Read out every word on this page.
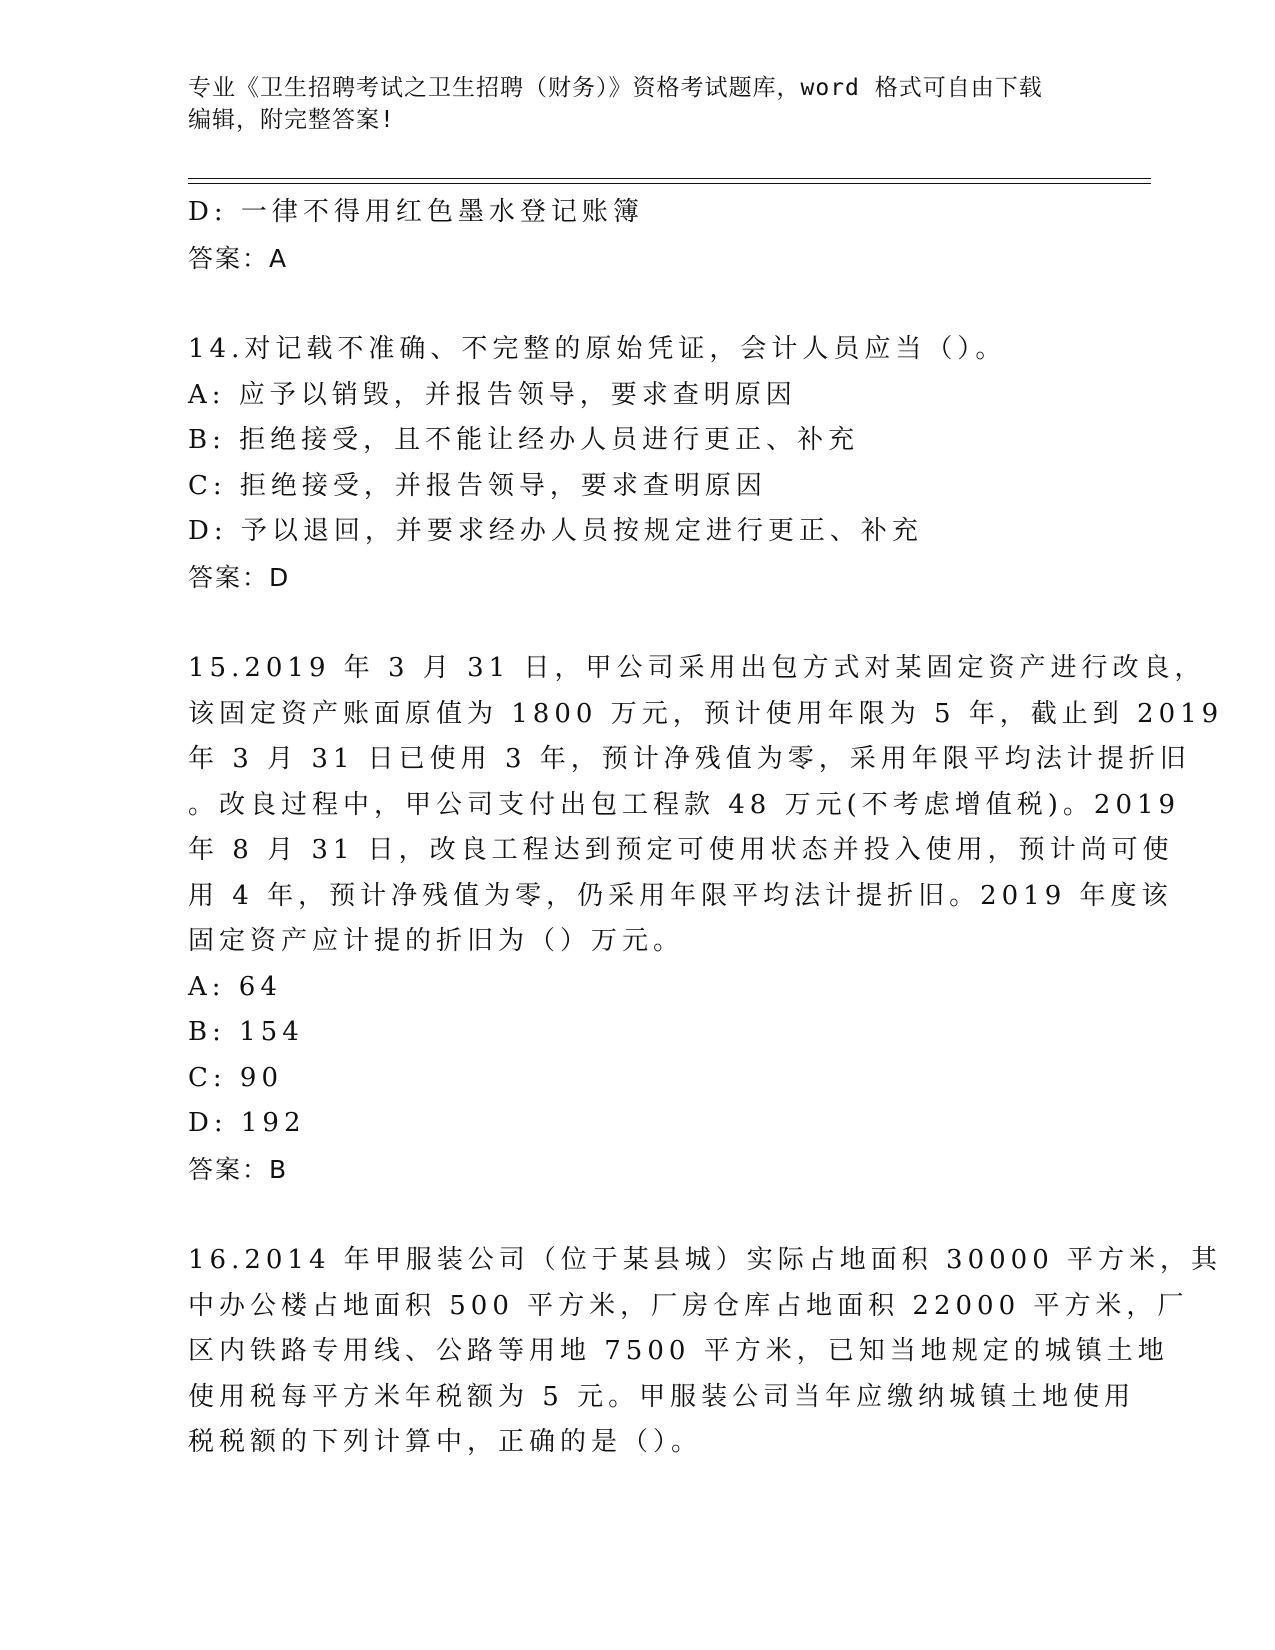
专业《卫生招聘考试之卫生招聘（财务）》资格考试题库，word 格式可自由下载
编辑，附完整答案!
D: 一律不得用红色墨水登记账簿
答案：A
14.对记载不准确、不完整的原始凭证，会计人员应当（）。
A: 应予以销毁，并报告领导，要求查明原因
B: 拒绝接受，且不能让经办人员进行更正、补充
C: 拒绝接受，并报告领导，要求查明原因
D: 予以退回，并要求经办人员按规定进行更正、补充
答案：D
15.2019 年 3 月 31 日，甲公司采用出包方式对某固定资产进行改良，
该固定资产账面原值为 1800 万元，预计使用年限为 5 年，截止到 2019
年 3 月 31 日已使用 3 年，预计净残值为零，采用年限平均法计提折旧
。改良过程中，甲公司支付出包工程款 48 万元(不考虑增值税)。2019
年 8 月 31 日，改良工程达到预定可使用状态并投入使用，预计尚可使
用 4 年，预计净残值为零，仍采用年限平均法计提折旧。2019 年度该
固定资产应计提的折旧为（）万元。
A: 64
B: 154
C: 90
D: 192
答案：B
16.2014 年甲服装公司（位于某县城）实际占地面积 30000 平方米，其
中办公楼占地面积 500 平方米，厂房仓库占地面积 22000 平方米，厂
区内铁路专用线、公路等用地 7500 平方米，已知当地规定的城镇土地
使用税每平方米年税额为 5 元。甲服装公司当年应缴纳城镇土地使用
税税额的下列计算中，正确的是（）。
